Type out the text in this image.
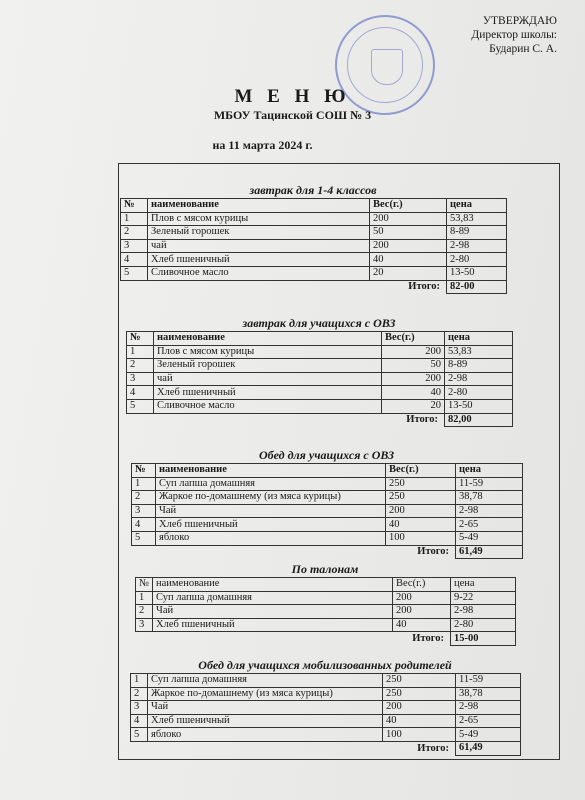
УТВЕРЖДАЮ
Директор школы:
Бударин С. А.
М Е Н Ю
МБОУ Тацинской СОШ № 3
на 11 марта 2024 г.
завтрак для 1-4 классов
№	наименование	Вес(г.)	цена
1	Плов с мясом курицы	200	53,83
2	Зеленый горошек	50	8-89
3	чай	200	2-98
4	Хлеб пшеничный	40	2-80
5	Сливочное масло	20	13-50
		Итого:	82-00
завтрак для учащихся с ОВЗ
№	наименование	Вес(г.)	цена
1	Плов с мясом курицы	200	53,83
2	Зеленый горошек	50	8-89
3	чай	200	2-98
4	Хлеб пшеничный	40	2-80
5	Сливочное масло	20	13-50
		Итого:	82,00
Обед для учащихся с ОВЗ
№	наименование	Вес(г.)	цена
1	Суп лапша домашняя	250	11-59
2	Жаркое по-домашнему (из мяса курицы)	250	38,78
3	Чай	200	2-98
4	Хлеб пшеничный	40	2-65
5	яблоко	100	5-49
		Итого:	61,49
По талонам
№	наименование	Вес(г.)	цена
1	Суп лапша домашняя	200	9-22
2	Чай	200	2-98
3	Хлеб пшеничный	40	2-80
		Итого:	15-00
Обед для учащихся мобилизованных родителей
1	Суп лапша домашняя	250	11-59
2	Жаркое по-домашнему (из мяса курицы)	250	38,78
3	Чай	200	2-98
4	Хлеб пшеничный	40	2-65
5	яблоко	100	5-49
		Итого:	61,49
